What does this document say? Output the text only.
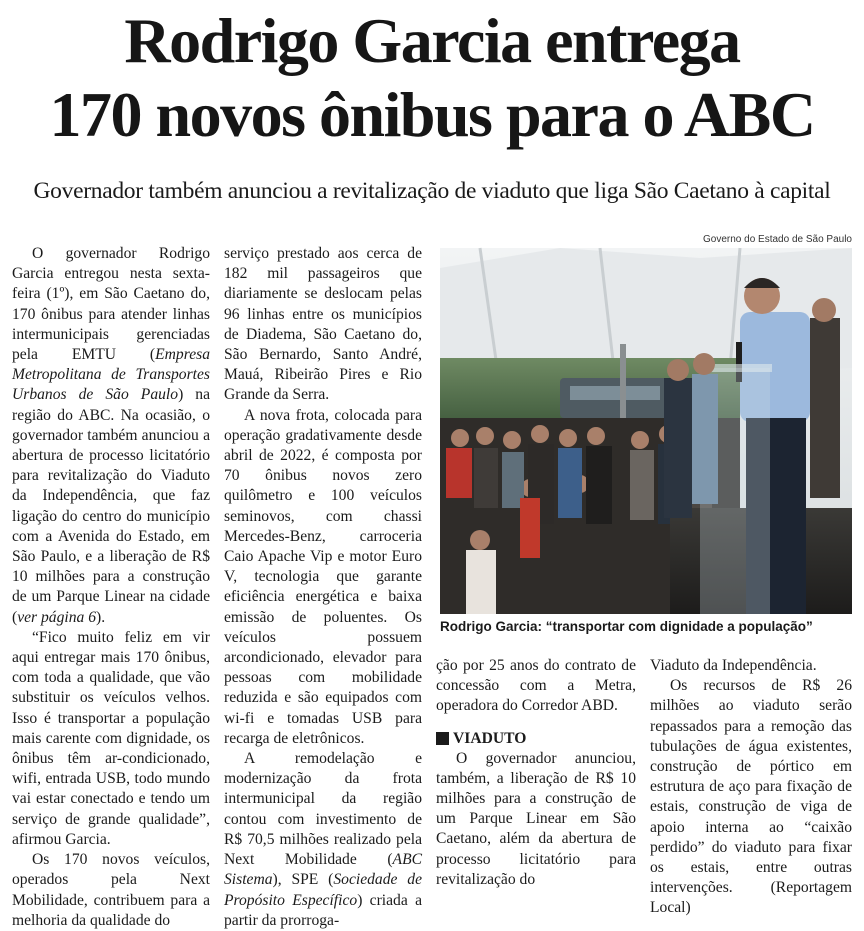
Rodrigo Garcia entrega
170 novos ônibus para o ABC
Governador também anunciou a revitalização de viaduto que liga São Caetano à capital

O governador Rodrigo Garcia entregou nesta sexta-feira (1º), em São Caetano do, 170 ônibus para atender linhas intermunicipais gerenciadas pela EMTU (Empresa Metropolitana de Transportes Urbanos de São Paulo) na região do ABC. Na ocasião, o governador também anunciou a abertura de processo licitatório para revitalização do Viaduto da Independência, que faz ligação do centro do município com a Avenida do Estado, em São Paulo, e a liberação de R$ 10 milhões para a construção de um Parque Linear na cidade (ver página 6).

“Fico muito feliz em vir aqui entregar mais 170 ônibus, com toda a qualidade, que vão substituir os veículos velhos. Isso é transportar a população mais carente com dignidade, os ônibus têm ar-condicionado, wifi, entrada USB, todo mundo vai estar conectado e tendo um serviço de grande qualidade”, afirmou Garcia.

Os 170 novos veículos, operados pela Next Mobilidade, contribuem para a melhoria da qualidade do

serviço prestado aos cerca de 182 mil passageiros que diariamente se deslocam pelas 96 linhas entre os municípios de Diadema, São Caetano do, São Bernardo, Santo André, Mauá, Ribeirão Pires e Rio Grande da Serra.

A nova frota, colocada para operação gradativamente desde abril de 2022, é composta por 70 ônibus novos zero quilômetro e 100 veículos seminovos, com chassi Mercedes-Benz, carroceria Caio Apache Vip e motor Euro V, tecnologia que garante eficiência energética e baixa emissão de poluentes. Os veículos possuem arcondicionado, elevador para pessoas com mobilidade reduzida e são equipados com wi-fi e tomadas USB para recarga de eletrônicos.

A remodelação e modernização da frota intermunicipal da região contou com investimento de R$ 70,5 milhões realizado pela Next Mobilidade (ABC Sistema), SPE (Sociedade de Propósito Específico) criada a partir da prorroga-

Governo do Estado de São Paulo
Rodrigo Garcia: “transportar com dignidade a população”

ção por 25 anos do contrato de concessão com a Metra, operadora do Corredor ABD.

VIADUTO

O governador anunciou, também, a liberação de R$ 10 milhões para a construção de um Parque Linear em São Caetano, além da abertura de processo licitatório para revitalização do

Viaduto da Independência.

Os recursos de R$ 26 milhões ao viaduto serão repassados para a remoção das tubulações de água existentes, construção de pórtico em estrutura de aço para fixação de estais, construção de viga de apoio interna ao “caixão perdido” do viaduto para fixar os estais, entre outras intervenções. (Reportagem Local)
